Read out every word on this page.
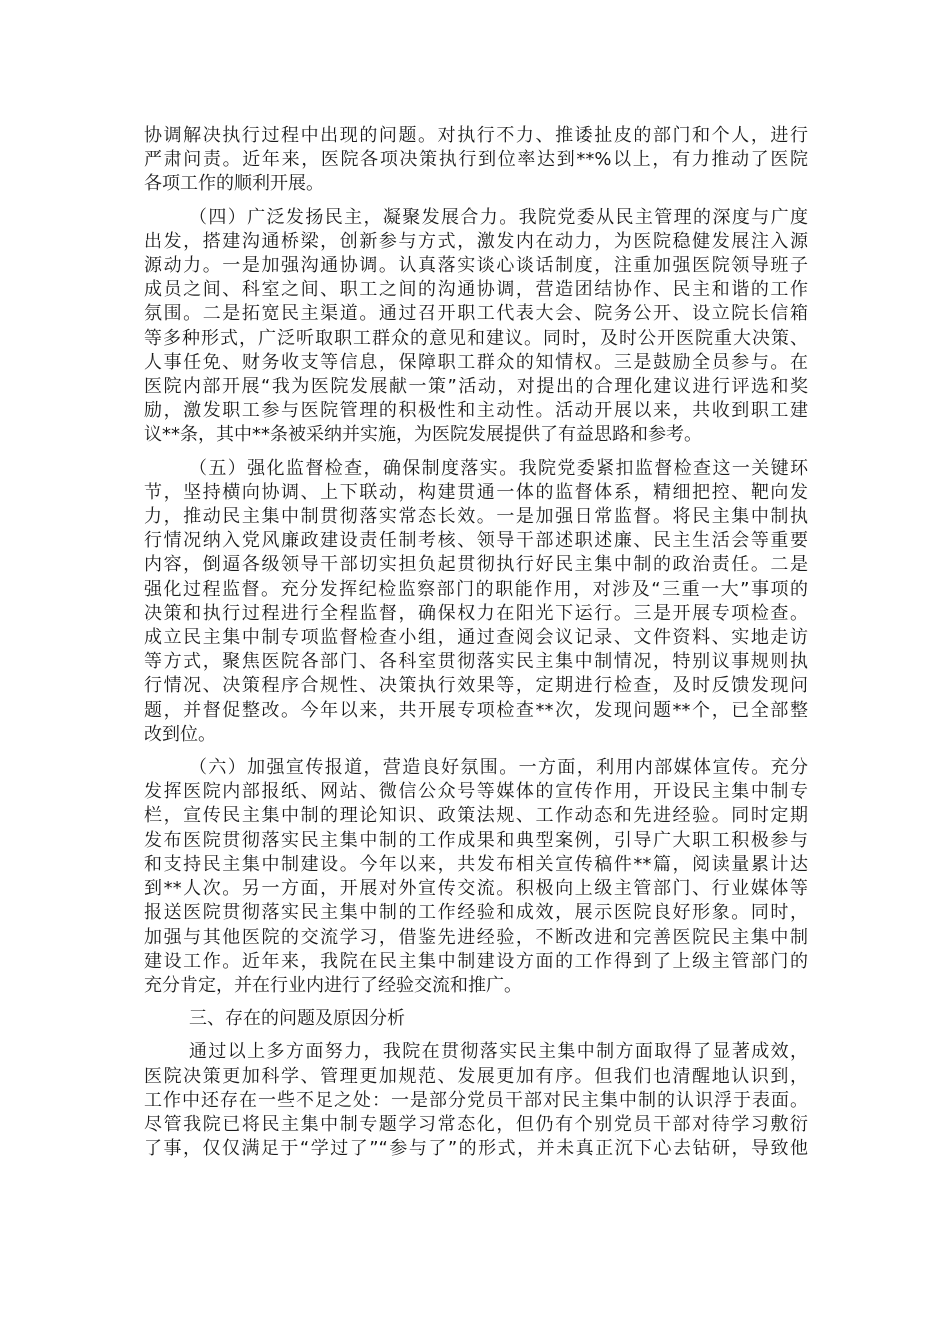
协调解决执行过程中出现的问题。对执行不力、推诿扯皮的部门和个人，进行
严肃问责。近年来，医院各项决策执行到位率达到**%以上，有力推动了医院
各项工作的顺利开展。
（四）广泛发扬民主，凝聚发展合力。我院党委从民主管理的深度与广度
出发，搭建沟通桥梁，创新参与方式，激发内在动力，为医院稳健发展注入源
源动力。一是加强沟通协调。认真落实谈心谈话制度，注重加强医院领导班子
成员之间、科室之间、职工之间的沟通协调，营造团结协作、民主和谐的工作
氛围。二是拓宽民主渠道。通过召开职工代表大会、院务公开、设立院长信箱
等多种形式，广泛听取职工群众的意见和建议。同时，及时公开医院重大决策、
人事任免、财务收支等信息，保障职工群众的知情权。三是鼓励全员参与。在
医院内部开展“我为医院发展献一策”活动，对提出的合理化建议进行评选和奖
励，激发职工参与医院管理的积极性和主动性。活动开展以来，共收到职工建
议**条，其中**条被采纳并实施，为医院发展提供了有益思路和参考。
（五）强化监督检查，确保制度落实。我院党委紧扣监督检查这一关键环
节，坚持横向协调、上下联动，构建贯通一体的监督体系，精细把控、靶向发
力，推动民主集中制贯彻落实常态长效。一是加强日常监督。将民主集中制执
行情况纳入党风廉政建设责任制考核、领导干部述职述廉、民主生活会等重要
内容，倒逼各级领导干部切实担负起贯彻执行好民主集中制的政治责任。二是
强化过程监督。充分发挥纪检监察部门的职能作用，对涉及“三重一大”事项的
决策和执行过程进行全程监督，确保权力在阳光下运行。三是开展专项检查。
成立民主集中制专项监督检查小组，通过查阅会议记录、文件资料、实地走访
等方式，聚焦医院各部门、各科室贯彻落实民主集中制情况，特别议事规则执
行情况、决策程序合规性、决策执行效果等，定期进行检查，及时反馈发现问
题，并督促整改。今年以来，共开展专项检查**次，发现问题**个，已全部整
改到位。
（六）加强宣传报道，营造良好氛围。一方面，利用内部媒体宣传。充分
发挥医院内部报纸、网站、微信公众号等媒体的宣传作用，开设民主集中制专
栏，宣传民主集中制的理论知识、政策法规、工作动态和先进经验。同时定期
发布医院贯彻落实民主集中制的工作成果和典型案例，引导广大职工积极参与
和支持民主集中制建设。今年以来，共发布相关宣传稿件**篇，阅读量累计达
到**人次。另一方面，开展对外宣传交流。积极向上级主管部门、行业媒体等
报送医院贯彻落实民主集中制的工作经验和成效，展示医院良好形象。同时，
加强与其他医院的交流学习，借鉴先进经验，不断改进和完善医院民主集中制
建设工作。近年来，我院在民主集中制建设方面的工作得到了上级主管部门的
充分肯定，并在行业内进行了经验交流和推广。
三、存在的问题及原因分析
通过以上多方面努力，我院在贯彻落实民主集中制方面取得了显著成效，
医院决策更加科学、管理更加规范、发展更加有序。但我们也清醒地认识到，
工作中还存在一些不足之处：一是部分党员干部对民主集中制的认识浮于表面。
尽管我院已将民主集中制专题学习常态化，但仍有个别党员干部对待学习敷衍
了事，仅仅满足于“学过了”“参与了”的形式，并未真正沉下心去钻研，导致他
